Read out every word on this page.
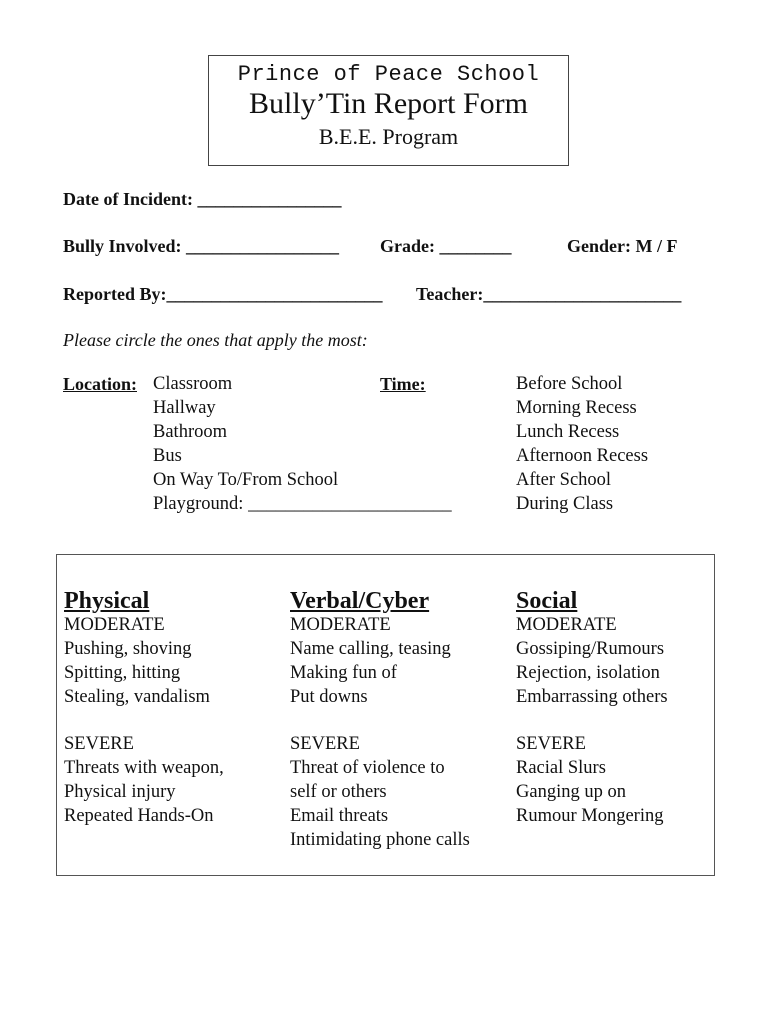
Prince of Peace School
Bully’Tin Report Form
B.E.E. Program
Date of Incident: ________________
Bully Involved: _________________ Grade: ________	Gender: M / F
Reported By:________________________ Teacher:______________________
Please circle the ones that apply the most:
Location: Classroom
Hallway
Bathroom
Bus
On Way To/From School
Playground: ______________________
Time:	Before School
Morning Recess
Lunch Recess
Afternoon Recess
After School
During Class
Physical
MODERATE
Pushing, shoving
Spitting, hitting
Stealing, vandalism
SEVERE
Threats with weapon,
Physical injury
Repeated Hands-On
Verbal/Cyber
MODERATE
Name calling, teasing
Making fun of
Put downs
SEVERE
Threat of violence to
self or others
Email threats
Intimidating phone calls
Social
MODERATE
Gossiping/Rumours
Rejection, isolation
Embarrassing others
SEVERE
Racial Slurs
Ganging up on
Rumour Mongering
